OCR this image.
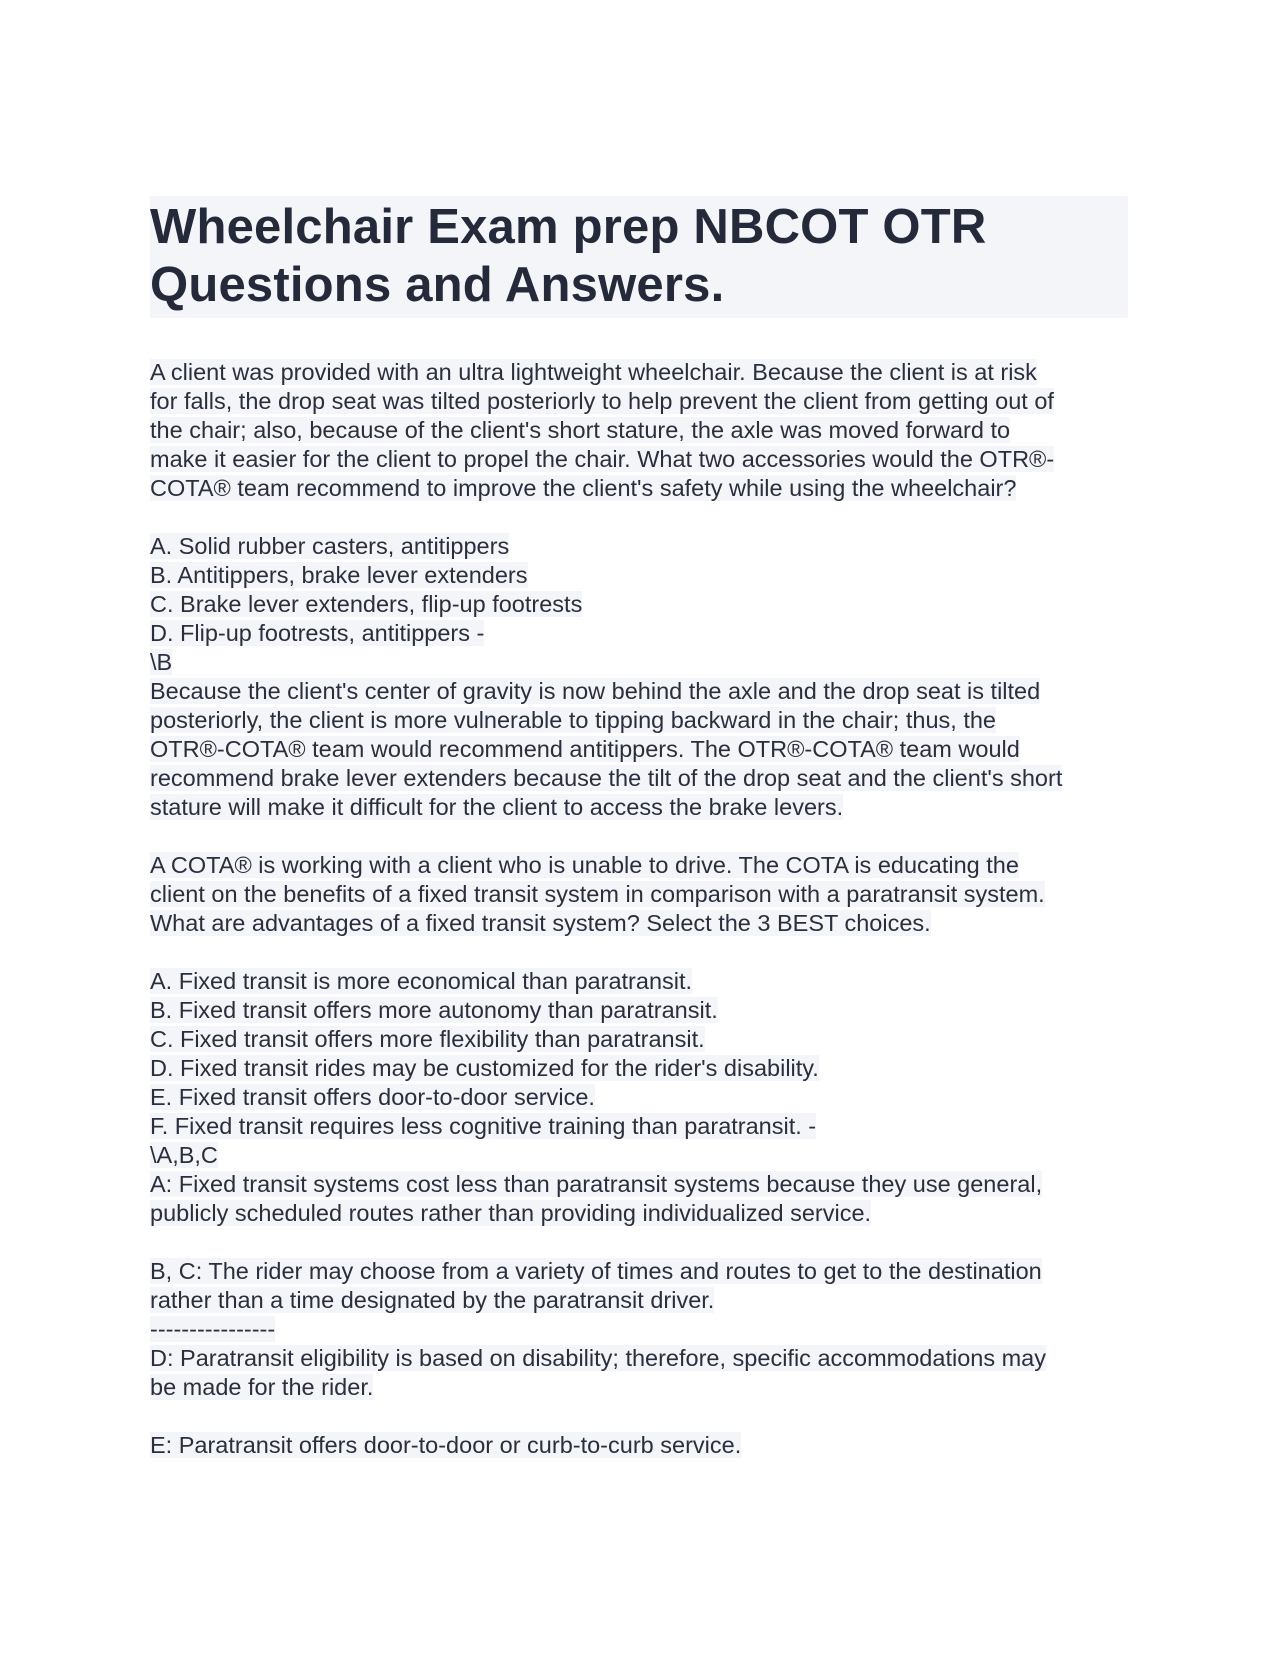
Wheelchair Exam prep NBCOT OTR
Questions and Answers.
A client was provided with an ultra lightweight wheelchair. Because the client is at risk
for falls, the drop seat was tilted posteriorly to help prevent the client from getting out of
the chair; also, because of the client's short stature, the axle was moved forward to
make it easier for the client to propel the chair. What two accessories would the OTR®-
COTA® team recommend to improve the client's safety while using the wheelchair?
A. Solid rubber casters, antitippers
B. Antitippers, brake lever extenders
C. Brake lever extenders, flip-up footrests
D. Flip-up footrests, antitippers -
\B
Because the client's center of gravity is now behind the axle and the drop seat is tilted
posteriorly, the client is more vulnerable to tipping backward in the chair; thus, the
OTR®-COTA® team would recommend antitippers. The OTR®-COTA® team would
recommend brake lever extenders because the tilt of the drop seat and the client's short
stature will make it difficult for the client to access the brake levers.
A COTA® is working with a client who is unable to drive. The COTA is educating the
client on the benefits of a fixed transit system in comparison with a paratransit system.
What are advantages of a fixed transit system? Select the 3 BEST choices.
A. Fixed transit is more economical than paratransit.
B. Fixed transit offers more autonomy than paratransit.
C. Fixed transit offers more flexibility than paratransit.
D. Fixed transit rides may be customized for the rider's disability.
E. Fixed transit offers door-to-door service.
F. Fixed transit requires less cognitive training than paratransit. -
\A,B,C
A: Fixed transit systems cost less than paratransit systems because they use general,
publicly scheduled routes rather than providing individualized service.
B, C: The rider may choose from a variety of times and routes to get to the destination
rather than a time designated by the paratransit driver.
----------------
D: Paratransit eligibility is based on disability; therefore, specific accommodations may
be made for the rider.
E: Paratransit offers door-to-door or curb-to-curb service.
